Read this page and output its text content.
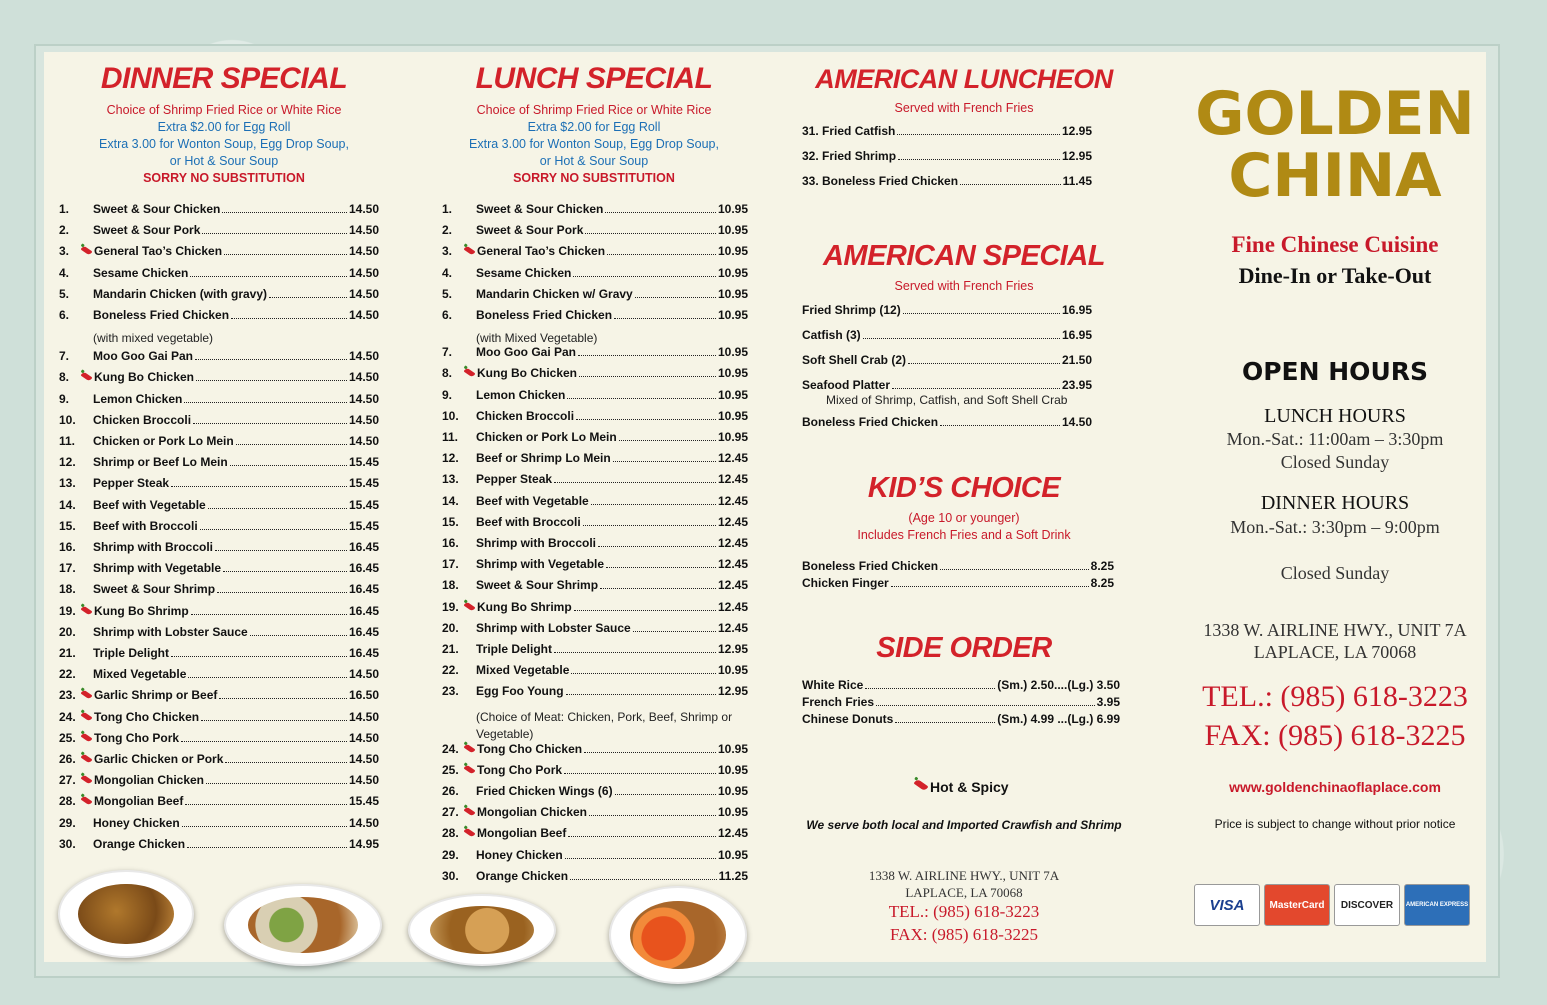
DINNER SPECIAL
Choice of Shrimp Fried Rice or White Rice
Extra $2.00 for Egg Roll
Extra 3.00 for Wonton Soup, Egg Drop Soup,
or Hot & Sour Soup
SORRY NO SUBSTITUTION
1.	Sweet & Sour Chicken	14.50
2.	Sweet & Sour Pork	14.50
3.	General Tao’s Chicken	14.50
4.	Sesame Chicken	14.50
5.	Mandarin Chicken (with gravy)	14.50
6.	Boneless Fried Chicken	14.50
7.	Moo Goo Gai Pan	14.50
8.	Kung Bo Chicken	14.50
9.	Lemon Chicken	14.50
10.	Chicken Broccoli	14.50
11.	Chicken or Pork Lo Mein	14.50
12.	Shrimp or Beef Lo Mein	15.45
13.	Pepper Steak	15.45
14.	Beef with Vegetable	15.45
15.	Beef with Broccoli	15.45
16.	Shrimp with Broccoli	16.45
17.	Shrimp with Vegetable	16.45
18.	Sweet & Sour Shrimp	16.45
19.	Kung Bo Shrimp	16.45
20.	Shrimp with Lobster Sauce	16.45
21.	Triple Delight	16.45
22.	Mixed Vegetable	14.50
23.	Garlic Shrimp or Beef	16.50
24.	Tong Cho Chicken	14.50
25.	Tong Cho Pork	14.50
26.	Garlic Chicken or Pork	14.50
27.	Mongolian Chicken	14.50
28.	Mongolian Beef	15.45
29.	Honey Chicken	14.50
30.	Orange Chicken	14.95
(with mixed vegetable)
LUNCH SPECIAL
Choice of Shrimp Fried Rice or White Rice
Extra $2.00 for Egg Roll
Extra 3.00 for Wonton Soup, Egg Drop Soup,
or Hot & Sour Soup
SORRY NO SUBSTITUTION
1.	Sweet & Sour Chicken	10.95
2.	Sweet & Sour Pork	10.95
3.	General Tao’s Chicken	10.95
4.	Sesame Chicken	10.95
5.	Mandarin Chicken w/ Gravy	10.95
6.	Boneless Fried Chicken	10.95
7.	Moo Goo Gai Pan	10.95
8.	Kung Bo Chicken	10.95
9.	Lemon Chicken	10.95
10.	Chicken Broccoli	10.95
11.	Chicken or Pork Lo Mein	10.95
12.	Beef or Shrimp Lo Mein	12.45
13.	Pepper Steak	12.45
14.	Beef with Vegetable	12.45
15.	Beef with Broccoli	12.45
16.	Shrimp with Broccoli	12.45
17.	Shrimp with Vegetable	12.45
18.	Sweet & Sour Shrimp	12.45
19.	Kung Bo Shrimp	12.45
20.	Shrimp with Lobster Sauce	12.45
21.	Triple Delight	12.95
22.	Mixed Vegetable	10.95
23.	Egg Foo Young	12.95
24.	Tong Cho Chicken	10.95
25.	Tong Cho Pork	10.95
26.	Fried Chicken Wings (6)	10.95
27.	Mongolian Chicken	10.95
28.	Mongolian Beef	12.45
29.	Honey Chicken	10.95
30.	Orange Chicken	11.25
(with Mixed Vegetable)
(Choice of Meat: Chicken, Pork, Beef, Shrimp or Vegetable)
AMERICAN LUNCHEON
Served with French Fries
31. Fried Catfish	12.95
32. Fried Shrimp	12.95
33. Boneless Fried Chicken	11.45
AMERICAN SPECIAL
Served with French Fries
Fried Shrimp (12)	16.95
Catfish (3)	16.95
Soft Shell Crab (2)	21.50
Seafood Platter	23.95
Boneless Fried Chicken	14.50
Mixed of Shrimp, Catfish, and Soft Shell Crab
KID’S CHOICE
(Age 10 or younger)
Includes French Fries and a Soft Drink
Boneless Fried Chicken	8.25
Chicken Finger	8.25
SIDE ORDER
White Rice	(Sm.) 2.50....(Lg.) 3.50
French Fries	3.95
Chinese Donuts	(Sm.) 4.99 ...(Lg.) 6.99
Hot & Spicy
We serve both local and Imported Crawfish and Shrimp
1338 W. AIRLINE HWY., UNIT 7A
LAPLACE, LA 70068
TEL.: (985) 618-3223
FAX: (985) 618-3225
GOLDEN
CHINA
Fine Chinese Cuisine
Dine-In or Take-Out
OPEN HOURS
LUNCH HOURS
Mon.-Sat.: 11:00am – 3:30pm
Closed Sunday
DINNER HOURS
Mon.-Sat.: 3:30pm – 9:00pm
Closed Sunday
1338 W. AIRLINE HWY., UNIT 7A
LAPLACE, LA 70068
TEL.: (985) 618-3223
FAX: (985) 618-3225
www.goldenchinaoflaplace.com
Price is subject to change without prior notice
VISA	MasterCard	DISCOVER	AMERICAN EXPRESS
